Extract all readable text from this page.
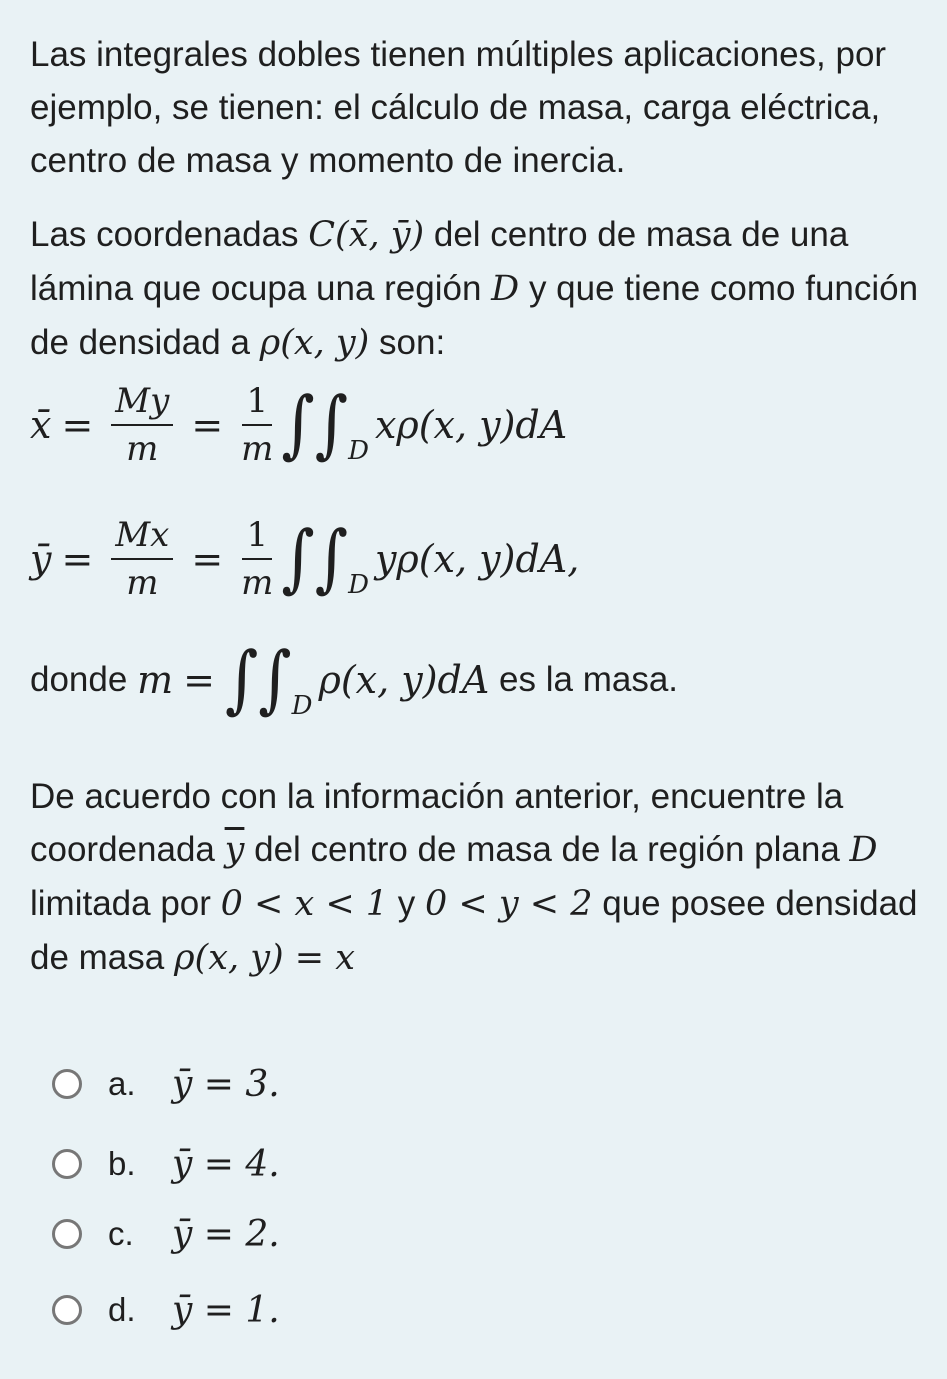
Las integrales dobles tienen múltiples aplicaciones, por ejemplo, se tienen: el cálculo de masa, carga eléctrica, centro de masa y momento de inercia.
Las coordenadas C(x̄, ȳ) del centro de masa de una lámina que ocupa una región D y que tiene como función de densidad a ρ(x, y) son:
x̄ = $\frac{My}{m} = \frac{1}{m}$ ∫∫ D
xρ(x, y)dA
ȳ = $\frac{Mx}{m} = \frac{1}{m}$ ∫∫ D
yρ(x, y)dA,
donde m = ∫∫ D
ρ(x, y)dA es la masa.
De acuerdo con la información anterior, encuentre la coordenada $\overline{y}$ del centro de masa de la región plana D limitada por 0 < x < 1 y 0 < y < 2 que posee densidad de masa ρ(x, y) = x
a.	ȳ = 3.
b.	ȳ = 4.
c.	ȳ = 2.
d.	ȳ = 1.
